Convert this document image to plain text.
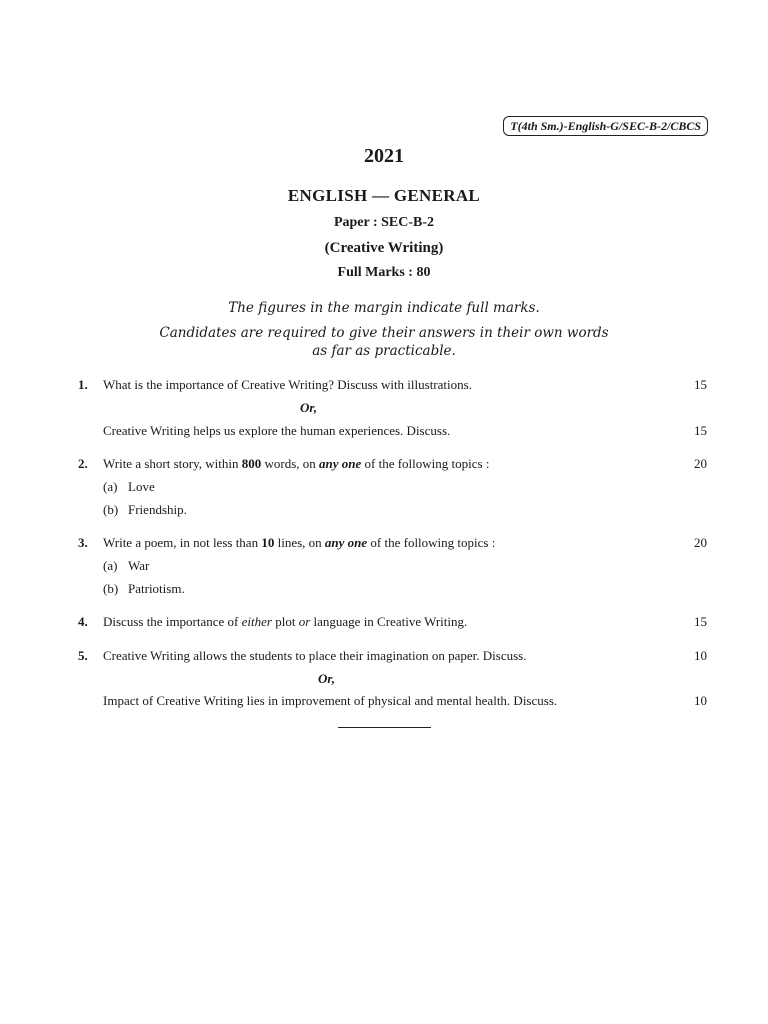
T(4th Sm.)-English-G/SEC-B-2/CBCS
2021
ENGLISH — GENERAL
Paper : SEC-B-2
(Creative Writing)
Full Marks : 80
The figures in the margin indicate full marks.
Candidates are required to give their answers in their own words
as far as practicable.
1. What is the importance of Creative Writing? Discuss with illustrations.	15
Or,
Creative Writing helps us explore the human experiences. Discuss.	15
2. Write a short story, within 800 words, on any one of the following topics :	20
(a) Love
(b) Friendship.
3. Write a poem, in not less than 10 lines, on any one of the following topics :	20
(a) War
(b) Patriotism.
4. Discuss the importance of either plot or language in Creative Writing.	15
5. Creative Writing allows the students to place their imagination on paper. Discuss.	10
Or,
Impact of Creative Writing lies in improvement of physical and mental health. Discuss.	10
